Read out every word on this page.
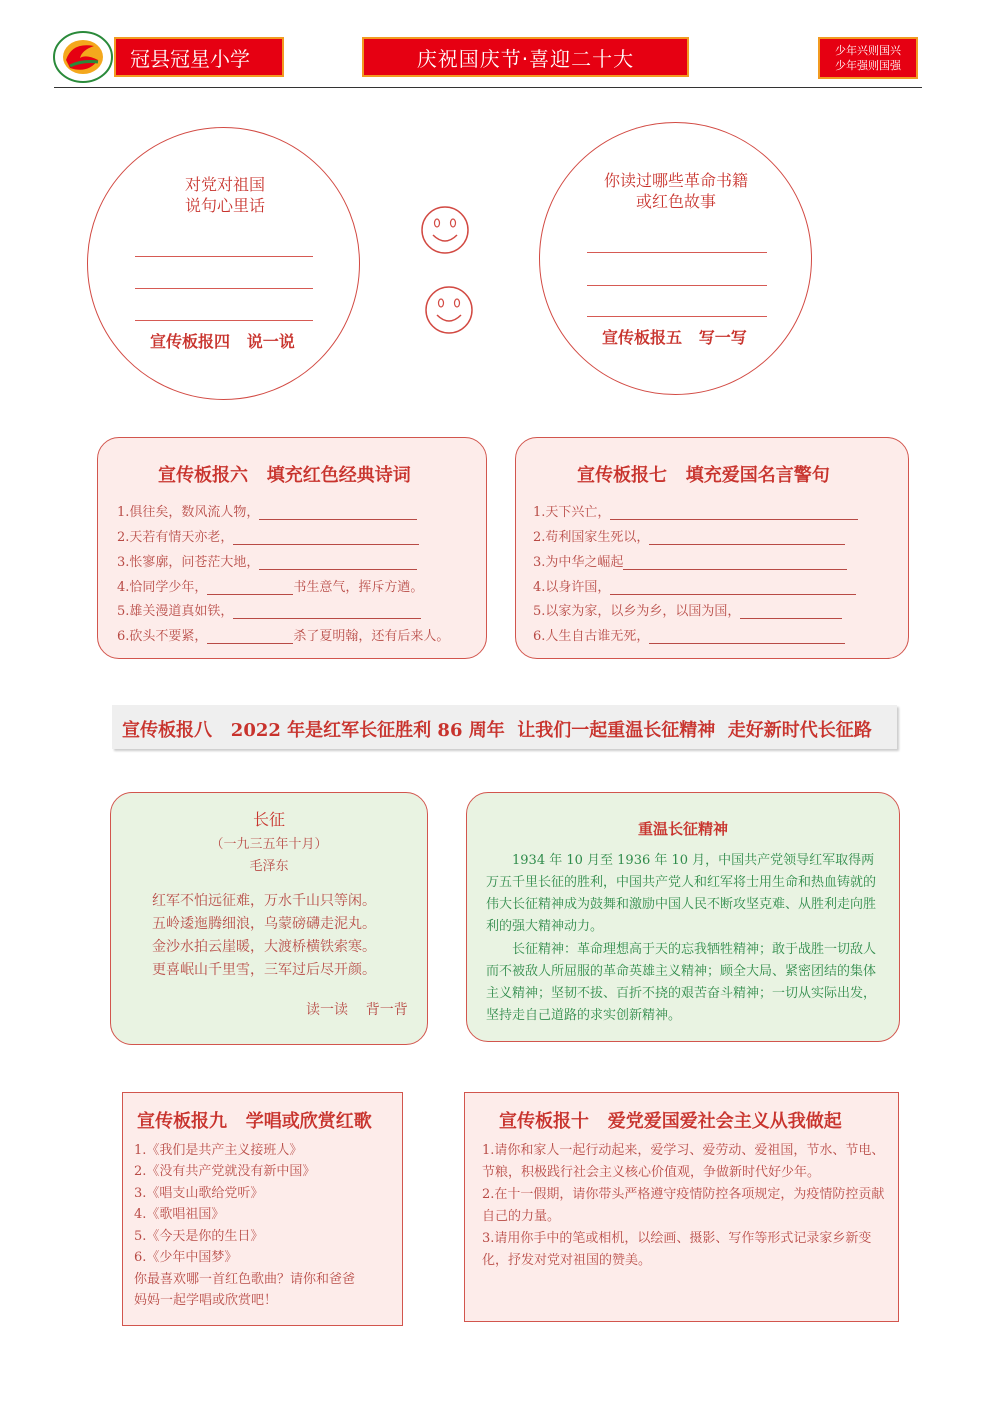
冠县冠星小学	庆祝国庆节·喜迎二十大	少年兴则国兴
少年强则国强
对党对祖国
说句心里话
宣传板报四   说一说
你读过哪些革命书籍
或红色故事
宣传板报五   写一写
宣传板报六   填充红色经典诗词
1.俱往矣，数风流人物，
2.天若有情天亦老，
3.怅寥廓，问苍茫大地，
4.恰同学少年，	书生意气，挥斥方遒。
5.雄关漫道真如铁，
6.砍头不要紧，	杀了夏明翰，还有后来人。
宣传板报七   填充爱国名言警句
1.天下兴亡，
2.苟利国家生死以，
3.为中华之崛起
4.以身许国，
5.以家为家，以乡为乡，以国为国，
6.人生自古谁无死，
宣传板报八   2022 年是红军长征胜利 86 周年  让我们一起重温长征精神  走好新时代长征路
长征
（一九三五年十月）
毛泽东
红军不怕远征难，万水千山只等闲。
五岭逶迤腾细浪，乌蒙磅礴走泥丸。
金沙水拍云崖暖，大渡桥横铁索寒。
更喜岷山千里雪，三军过后尽开颜。
读一读    背一背
重温长征精神
1934 年 10 月至 1936 年 10 月，中国共产党领导红军取得两万五千里长征的胜利，中国共产党人和红军将士用生命和热血铸就的伟大长征精神成为鼓舞和激励中国人民不断攻坚克难、从胜利走向胜利的强大精神动力。
长征精神：革命理想高于天的忘我牺牲精神；敢于战胜一切敌人而不被敌人所屈服的革命英雄主义精神；顾全大局、紧密团结的集体主义精神；坚韧不拔、百折不挠的艰苦奋斗精神；一切从实际出发，坚持走自己道路的求实创新精神。
宣传板报九   学唱或欣赏红歌
1.《我们是共产主义接班人》
2.《没有共产党就没有新中国》
3.《唱支山歌给党听》
4.《歌唱祖国》
5.《今天是你的生日》
6.《少年中国梦》
你最喜欢哪一首红色歌曲？请你和爸爸
妈妈一起学唱或欣赏吧！
宣传板报十   爱党爱国爱社会主义从我做起
1.请你和家人一起行动起来，爱学习、爱劳动、爱祖国，节水、节电、节粮，积极践行社会主义核心价值观，争做新时代好少年。
2.在十一假期，请你带头严格遵守疫情防控各项规定，为疫情防控贡献自己的力量。
3.请用你手中的笔或相机，以绘画、摄影、写作等形式记录家乡新变化，抒发对党对祖国的赞美。
